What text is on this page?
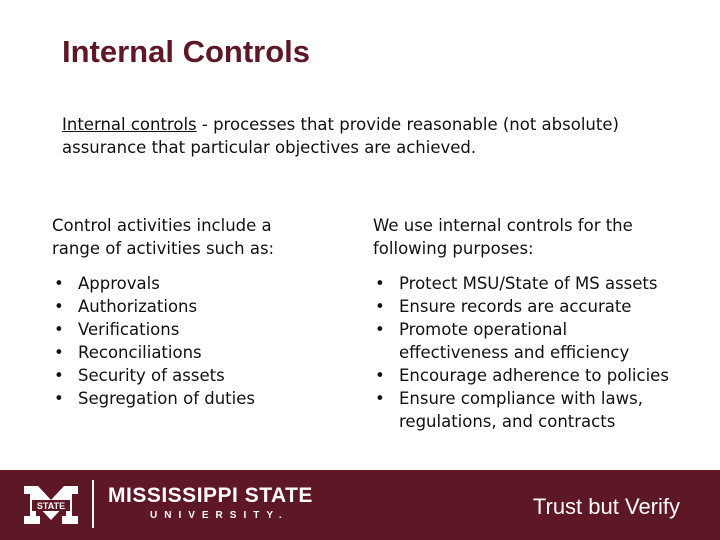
Internal Controls
Internal controls - processes that provide reasonable (not absolute) assurance that particular objectives are achieved.

Control activities include a range of activities such as:

• Approvals
• Authorizations
• Verifications
• Reconciliations
• Security of assets
• Segregation of duties

We use internal controls for the following purposes:

• Protect MSU/State of MS assets
• Ensure records are accurate
• Promote operational effectiveness and efficiency
• Encourage adherence to policies
• Ensure compliance with laws, regulations, and contracts
STATE MISSISSIPPI STATE
UNIVERSITY.	Trust but Verify
